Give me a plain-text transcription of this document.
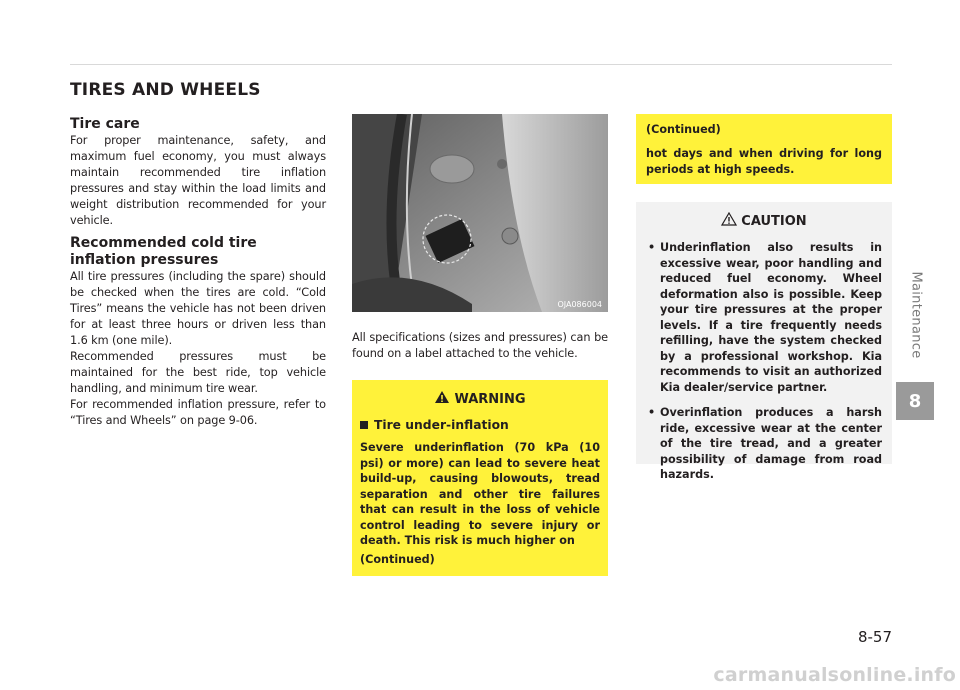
TIRES AND WHEELS
Tire care

For proper maintenance, safety, and maximum fuel economy, you must always maintain recommended tire inflation pressures and stay within the load limits and weight distribution recommended for your vehicle.

Recommended cold tire inflation pressures

All tire pressures (including the spare) should be checked when the tires are cold. “Cold Tires” means the vehicle has not been driven for at least three hours or driven less than 1.6 km (one mile).

Recommended pressures must be maintained for the best ride, top vehicle handling, and minimum tire wear.

For recommended inflation pressure, refer to “Tires and Wheels” on page 9-06.

OJA086004

All specifications (sizes and pressures) can be found on a label attached to the vehicle.

WARNING
Tire under-inflation

Severe underinflation (70 kPa (10 psi) or more) can lead to severe heat build-up, causing blowouts, tread separation and other tire failures that can result in the loss of vehicle control leading to severe injury or death. This risk is much higher on

(Continued)
(Continued)

hot days and when driving for long periods at high speeds.

CAUTION
• Underinflation also results in excessive wear, poor handling and reduced fuel economy. Wheel deformation also is possible. Keep your tire pressures at the proper levels. If a tire frequently needs refilling, have the system checked by a professional workshop. Kia recommends to visit an authorized Kia dealer/service partner.
• Overinflation produces a harsh ride, excessive wear at the center of the tire tread, and a greater possibility of damage from road hazards.
Maintenance
8
8-57
carmanualsonline.info
